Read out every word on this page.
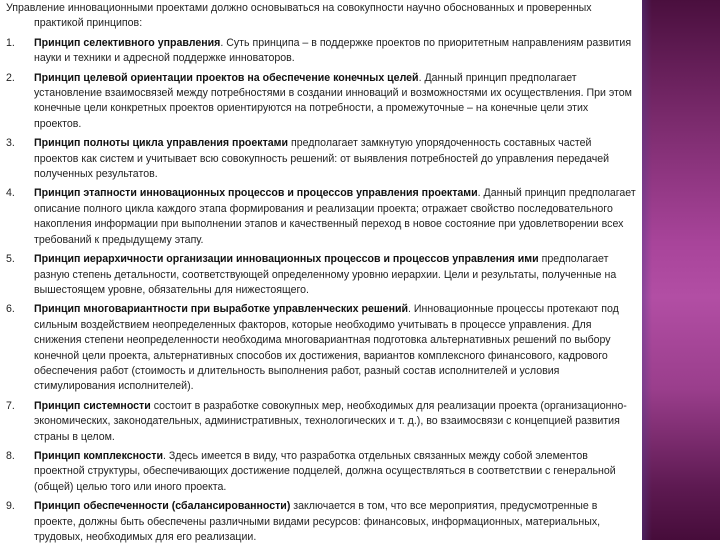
Управление инновационными проектами должно основываться на совокупности научно обоснованных и проверенных практикой принципов:

1. Принцип селективного управления. Суть принципа – в поддержке проектов по приоритетным направлениям развития науки и техники и адресной поддержке инноваторов.
2. Принцип целевой ориентации проектов на обеспечение конечных целей. Данный принцип предполагает установление взаимосвязей между потребностями в создании инноваций и возможностями их осуществления. При этом конечные цели конкретных проектов ориентируются на потребности, а промежуточные – на конечные цели этих проектов.
3. Принцип полноты цикла управления проектами предполагает замкнутую упорядоченность составных частей проектов как систем и учитывает всю совокупность решений: от выявления потребностей до управления передачей полученных результатов.
4. Принцип этапности инновационных процессов и процессов управления проектами. Данный принцип предполагает описание полного цикла каждого этапа формирования и реализации проекта; отражает свойство последовательного накопления информации при выполнении этапов и качественный переход в новое состояние при удовлетворении всех требований к предыдущему этапу.
5. Принцип иерархичности организации инновационных процессов и процессов управления ими предполагает разную степень детальности, соответствующей определенному уровню иерархии. Цели и результаты, полученные на вышестоящем уровне, обязательны для нижестоящего.
6. Принцип многовариантности при выработке управленческих решений. Инновационные процессы протекают под сильным воздействием неопределенных факторов, которые необходимо учитывать в процессе управления. Для снижения степени неопределенности необходима многовариантная подготовка альтернативных решений по выбору конечной цели проекта, альтернативных способов их достижения, вариантов комплексного финансового, кадрового обеспечения работ (стоимость и длительность выполнения работ, разный состав исполнителей и условия стимулирования исполнителей).
7. Принцип системности состоит в разработке совокупных мер, необходимых для реализации проекта (организационно-экономических, законодательных, административных, технологических и т. д.), во взаимосвязи с концепцией развития страны в целом.
8. Принцип комплексности. Здесь имеется в виду, что разработка отдельных связанных между собой элементов проектной структуры, обеспечивающих достижение подцелей, должна осуществляться в соответствии с генеральной (общей) целью того или иного проекта.
9. Принцип обеспеченности (сбалансированности) заключается в том, что все мероприятия, предусмотренные в проекте, должны быть обеспечены различными видами ресурсов: финансовых, информационных, материальных, трудовых, необходимых для его реализации.
